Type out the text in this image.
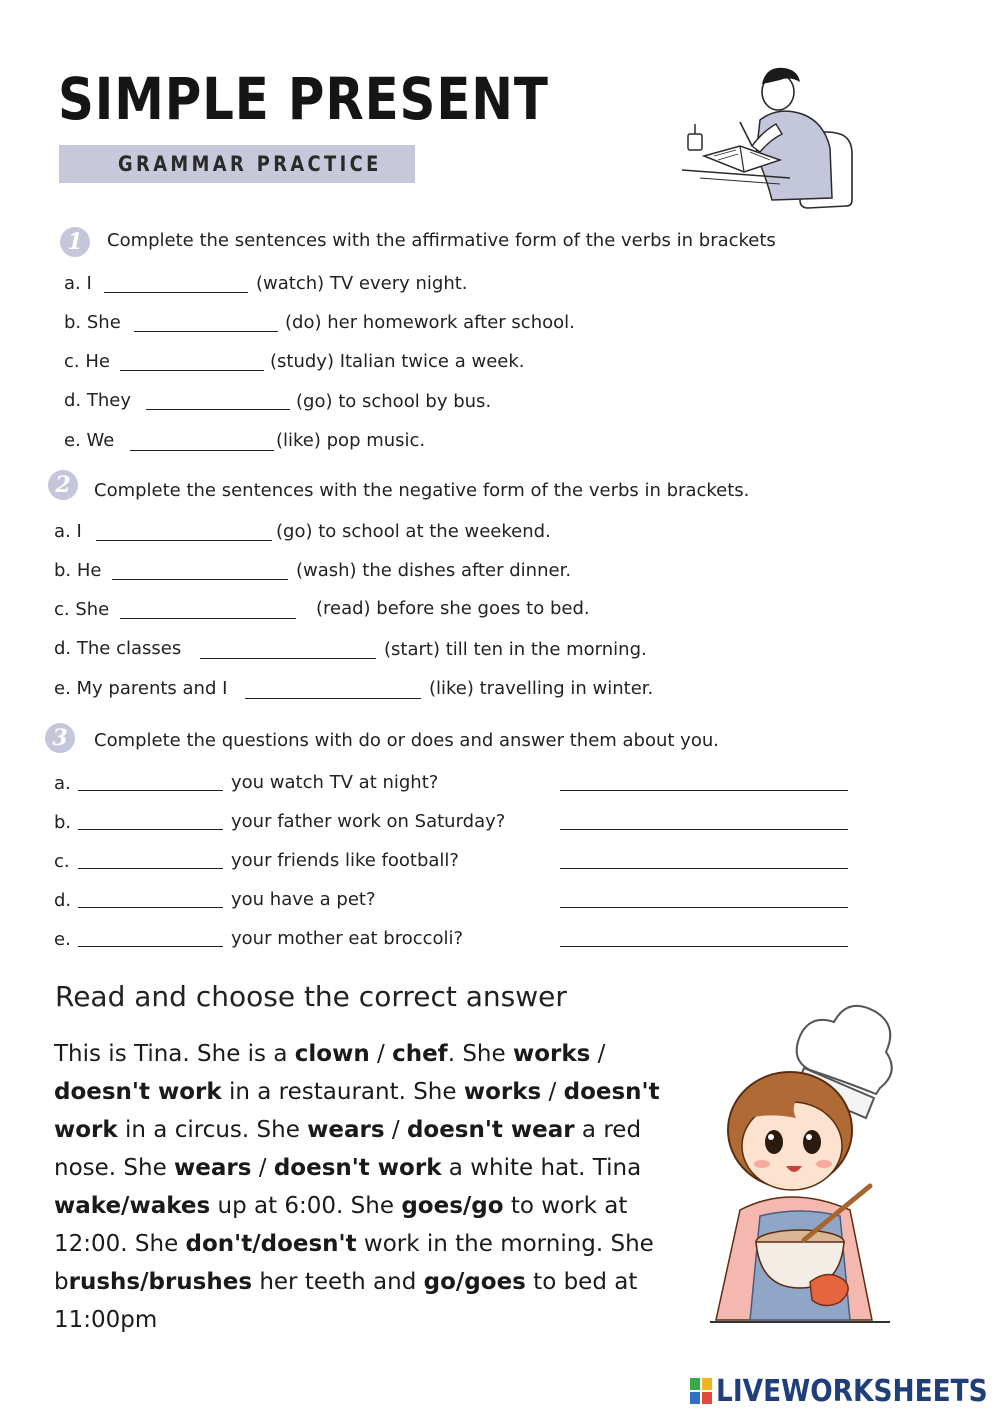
SIMPLE PRESENT
GRAMMAR PRACTICE
1	Complete the sentences with the affirmative form of the verbs in brackets
a. I	(watch) TV every night.
b. She	(do) her homework after school.
c. He	(study) Italian twice a week.
d. They	(go) to school by bus.
e. We	(like) pop music.
2	Complete the sentences with the negative form of the verbs in brackets.
a. I	(go) to school at the weekend.
b. He	(wash) the dishes after dinner.
c. She	(read) before she goes to bed.
d. The classes	(start) till ten in the morning.
e. My parents and I	(like) travelling in winter.
3	Complete the questions with do or does and answer them about you.
a.	you watch TV at night?
b.	your father work on Saturday?
c.	your friends like football?
d.	you have a pet?
e.	your mother eat broccoli?
Read and choose the correct answer
This is Tina. She is a clown / chef. She works / doesn't work in a restaurant. She works / doesn't work in a circus. She wears / doesn't wear a red nose. She wears / doesn't work a white hat. Tina wake/wakes up at 6:00. She goes/go to work at 12:00. She don't/doesn't work in the morning. She brushs/brushes her teeth and go/goes to bed at 11:00pm
LIVEWORKSHEETS
